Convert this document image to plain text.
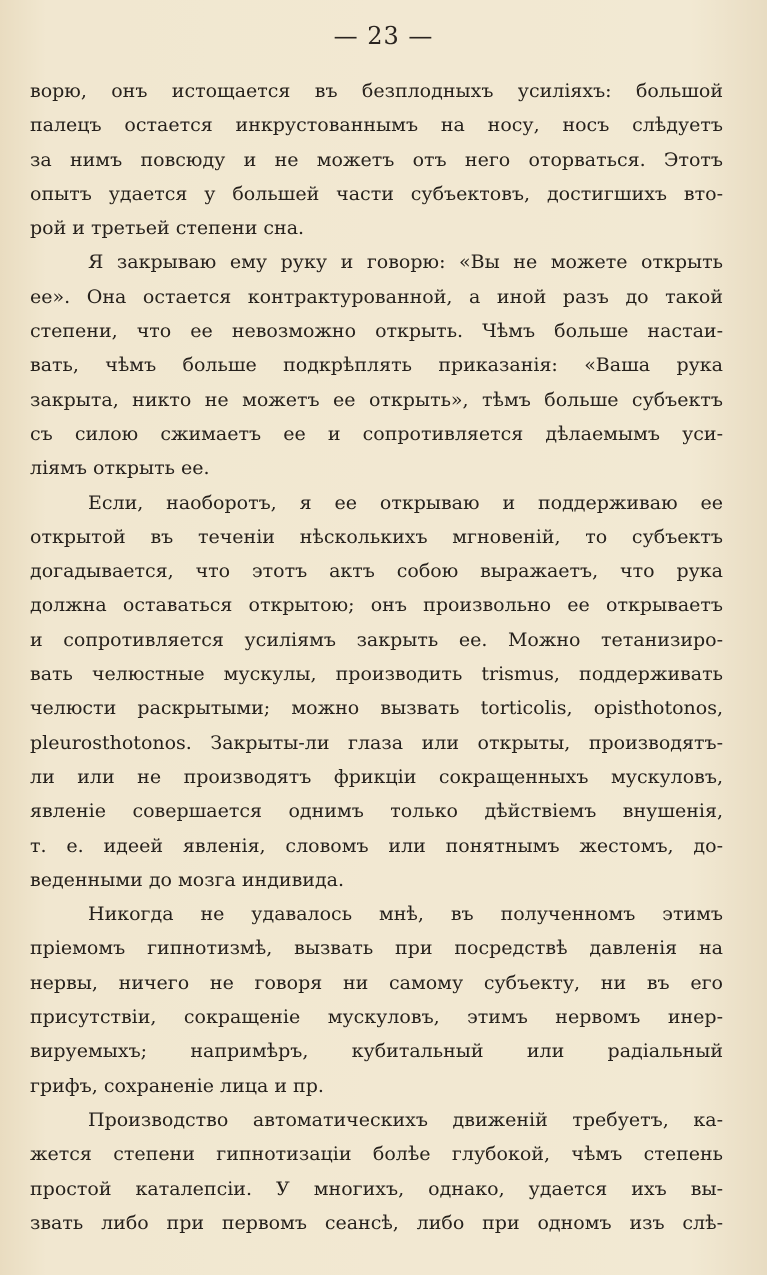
— 23 —
ворю, онъ истощается въ безплодныхъ усиліяхъ: большой
палецъ остается инкрустованнымъ на носу, носъ слѣдуетъ
за нимъ повсюду и не можетъ отъ него оторваться. Этотъ
опытъ удается у большей части субъектовъ, достигшихъ вто-
рой и третьей степени сна.
Я закрываю ему руку и говорю: «Вы не можете открыть
ее». Она остается контрактурованной, а иной разъ до такой
степени, что ее невозможно открыть. Чѣмъ больше настаи-
вать, чѣмъ больше подкрѣплять приказанія: «Ваша рука
закрыта, никто не можетъ ее открыть», тѣмъ больше субъектъ
съ силою сжимаетъ ее и сопротивляется дѣлаемымъ уси-
ліямъ открыть ее.
Если, наоборотъ, я ее открываю и поддерживаю ее
открытой въ теченіи нѣсколькихъ мгновеній, то субъектъ
догадывается, что этотъ актъ собою выражаетъ, что рука
должна оставаться открытою; онъ произвольно ее открываетъ
и сопротивляется усиліямъ закрыть ее. Можно тетанизиро-
вать челюстные мускулы, производить trismus, поддерживать
челюсти раскрытыми; можно вызвать torticolis, opisthotonos,
pleurosthotonos. Закрыты-ли глаза или открыты, производятъ-
ли или не производятъ фрикціи сокращенныхъ мускуловъ,
явленіе совершается однимъ только дѣйствіемъ внушенія,
т. е. идеей явленія, словомъ или понятнымъ жестомъ, до-
веденными до мозга индивида.
Никогда не удавалось мнѣ, въ полученномъ этимъ
пріемомъ гипнотизмѣ, вызвать при посредствѣ давленія на
нервы, ничего не говоря ни самому субъекту, ни въ его
присутствіи, сокращеніе мускуловъ, этимъ нервомъ инер-
вируемыхъ; напримѣръ, кубитальный или радіальный
грифъ, сохраненіе лица и пр.
Производство автоматическихъ движеній требуетъ, ка-
жется степени гипнотизаціи болѣе глубокой, чѣмъ степень
простой каталепсіи. У многихъ, однако, удается ихъ вы-
звать либо при первомъ сеансѣ, либо при одномъ изъ слѣ-
